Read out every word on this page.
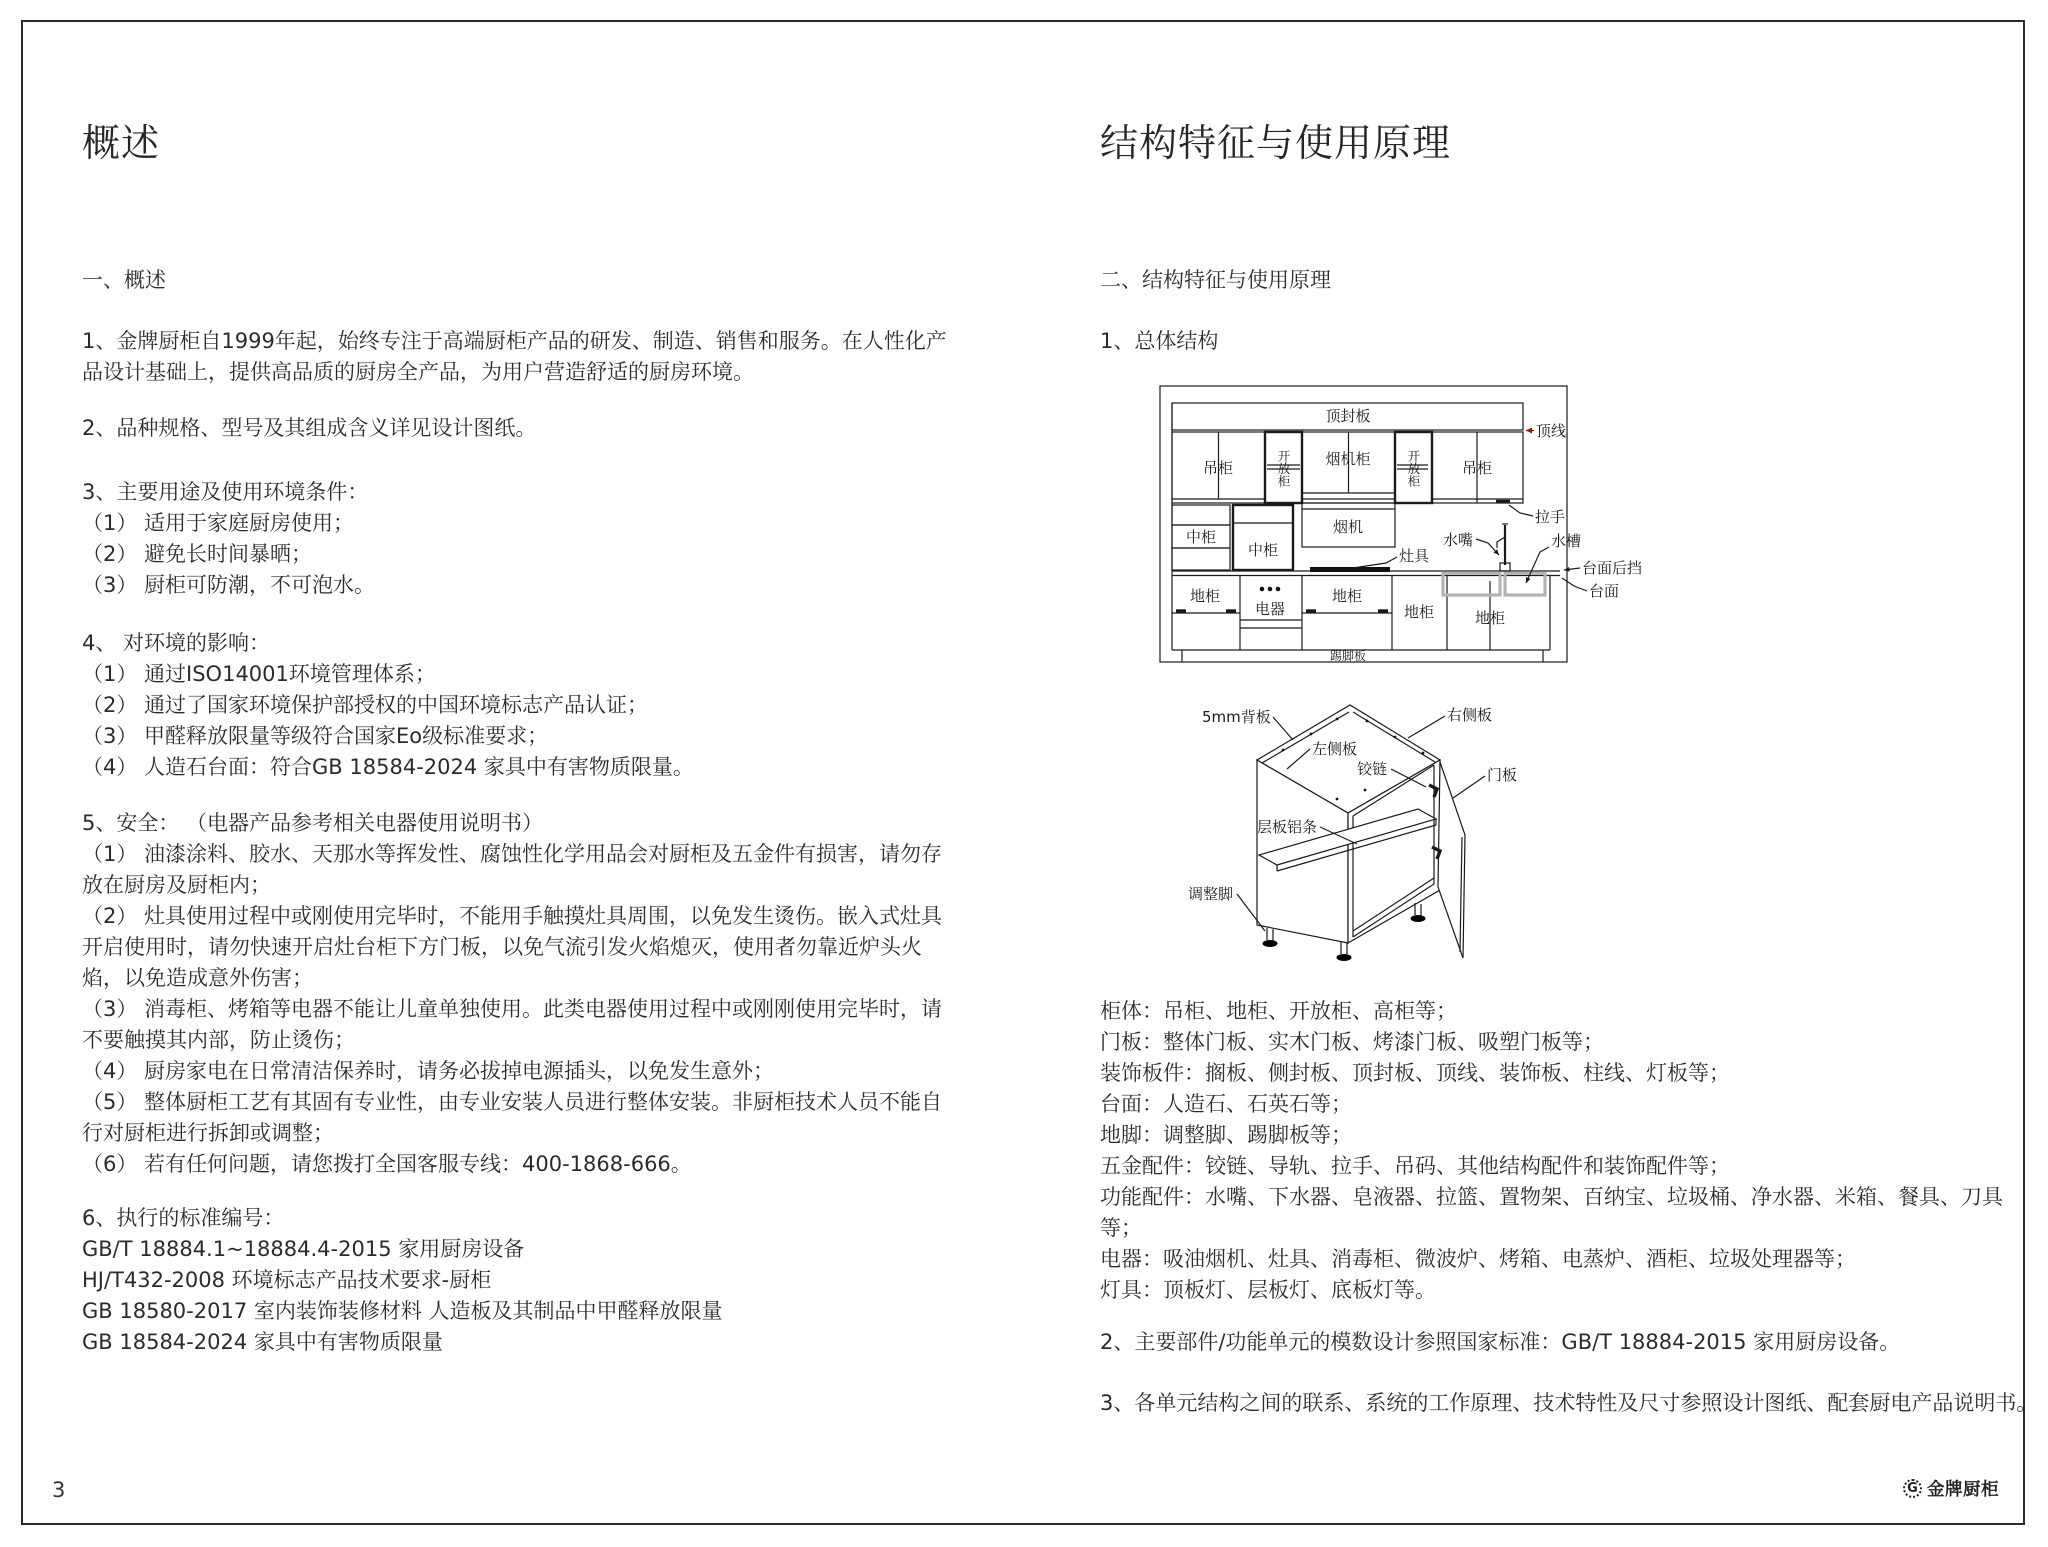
概述	结构特征与使用原理

一、概述

1、金牌厨柜自1999年起，始终专注于高端厨柜产品的研发、制造、销售和服务。在人性化产品设计基础上，提供高品质的厨房全产品，为用户营造舒适的厨房环境。

2、品种规格、型号及其组成含义详见设计图纸。

3、主要用途及使用环境条件：

（1） 适用于家庭厨房使用；

（2） 避免长时间暴晒；

（3） 厨柜可防潮，不可泡水。

4、 对环境的影响：

（1） 通过ISO14001环境管理体系；

（2） 通过了国家环境保护部授权的中国环境标志产品认证；

（3） 甲醛释放限量等级符合国家Eo级标准要求；

（4） 人造石台面：符合GB 18584-2024 家具中有害物质限量。

5、安全： （电器产品参考相关电器使用说明书）

（1） 油漆涂料、胶水、天那水等挥发性、腐蚀性化学用品会对厨柜及五金件有损害，请勿存放在厨房及厨柜内；

（2） 灶具使用过程中或刚使用完毕时，不能用手触摸灶具周围，以免发生烫伤。嵌入式灶具开启使用时，请勿快速开启灶台柜下方门板，以免气流引发火焰熄灭，使用者勿靠近炉头火焰，以免造成意外伤害；

（3） 消毒柜、烤箱等电器不能让儿童单独使用。此类电器使用过程中或刚刚使用完毕时，请不要触摸其内部，防止烫伤；

（4） 厨房家电在日常清洁保养时，请务必拔掉电源插头，以免发生意外；

（5） 整体厨柜工艺有其固有专业性，由专业安装人员进行整体安装。非厨柜技术人员不能自行对厨柜进行拆卸或调整；

（6） 若有任何问题，请您拨打全国客服专线：400-1868-666。

6、执行的标准编号：

GB/T 18884.1~18884.4-2015 家用厨房设备

HJ/T432-2008 环境标志产品技术要求-厨柜

GB 18580-2017 室内装饰装修材料 人造板及其制品中甲醛释放限量

GB 18584-2024 家具中有害物质限量

二、结构特征与使用原理

1、总体结构

顶封板
吊柜	开放柜 烟机柜	开放柜	吊柜
中柜
中柜
烟机
灶具
水嘴	水槽
顶线
拉手
台面后挡
台面
地柜
电器
地柜
地柜	地柜
踢脚板
5mm背板	右侧板
左侧板
铰链	门板
层板铝条
调整脚

柜体：吊柜、地柜、开放柜、高柜等；

门板：整体门板、实木门板、烤漆门板、吸塑门板等；

装饰板件：搁板、侧封板、顶封板、顶线、装饰板、柱线、灯板等；

台面：人造石、石英石等；

地脚：调整脚、踢脚板等；

五金配件：铰链、导轨、拉手、吊码、其他结构配件和装饰配件等；

功能配件：水嘴、下水器、皂液器、拉篮、置物架、百纳宝、垃圾桶、净水器、米箱、餐具、刀具等；

电器：吸油烟机、灶具、消毒柜、微波炉、烤箱、电蒸炉、酒柜、垃圾处理器等；

灯具：顶板灯、层板灯、底板灯等。

2、主要部件/功能单元的模数设计参照国家标准：GB/T 18884-2015 家用厨房设备。

3、各单元结构之间的联系、系统的工作原理、技术特性及尺寸参照设计图纸、配套厨电产品说明书。

3	G 金牌厨柜
